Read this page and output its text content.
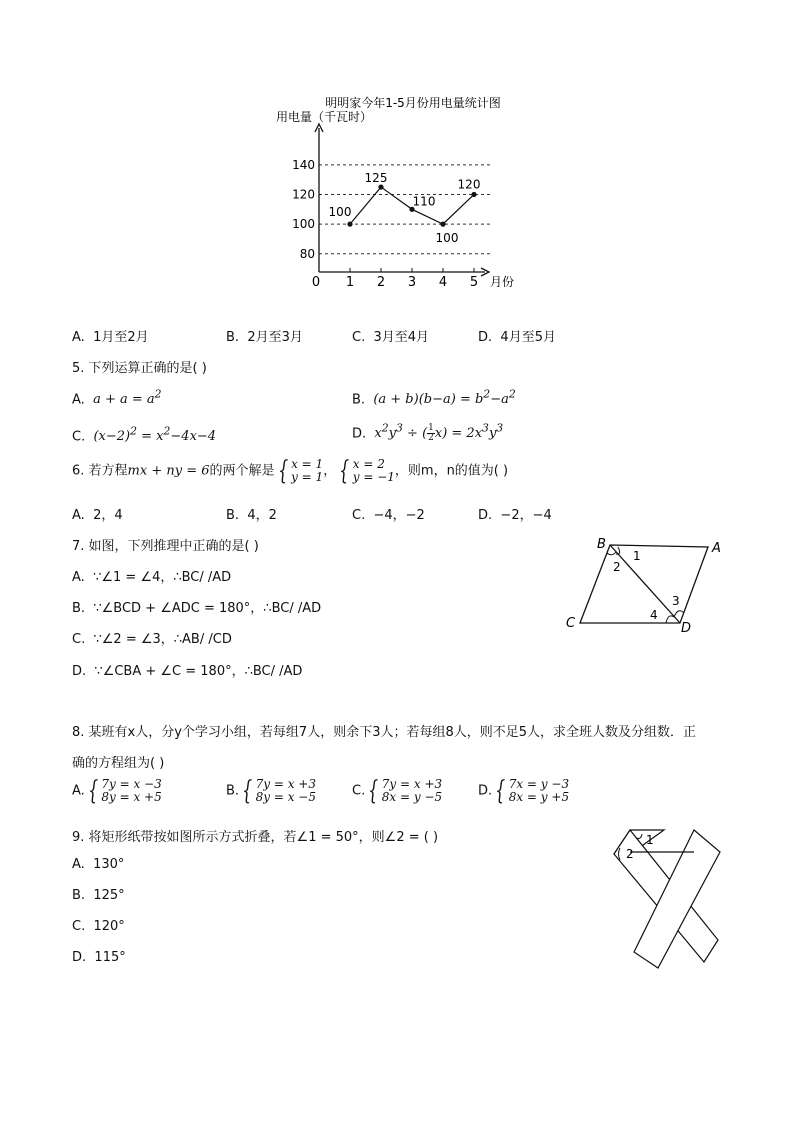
明明家今年1-5月份用电量统计图
用电量（千瓦时）
80
100
120
140
1 2 3 4 5
100
125
110
100
120
0	月份
A. 1月至2月	B. 2月至3月	C. 3月至4月	D. 4月至5月
5. 下列运算正确的是( )
A. $a + a = a^2$	B. $(a + b)(b-a) = b^2-a^2$
C. $(x-2)^2 = x^2-4x-4$	D. $x^2y^3$ ÷ ( $\frac{1}{2} x) = 2x^3y^3$
6. 若方程mx + ny = 6的两个解是 { x = 1
y = 1 ， { x = 2
y = −1 ，则m，n的值为( )
A. 2，4	B. 4，2	C. −4，−2	D. −2，−4
7. 如图，下列推理中正确的是( )
A. ∵∠1 = ∠4，∴BC/ /AD
B. ∵∠BCD + ∠ADC = 180°，∴BC/ /AD
C. ∵∠2 = ∠3，∴AB/ /CD
D. ∵∠CBA + ∠C = 180°，∴BC/ /AD
B	A
C	D
1
2
3
4
8. 某班有x人，分y个学习小组，若每组7人，则余下3人；若每组8人，则不足5人，求全班人数及分组数．正
确的方程组为( )
A. { 7y = x −3
8y = x +5	B. { 7y = x +3
8y = x −5	C. { 7y = x +3
8x = y −5	D. { 7x = y −3
8x = y +5
9. 将矩形纸带按如图所示方式折叠，若∠1 = 50°，则∠2 = ( )
A. 130°
B. 125°
C. 120°
D. 115°
1
2
